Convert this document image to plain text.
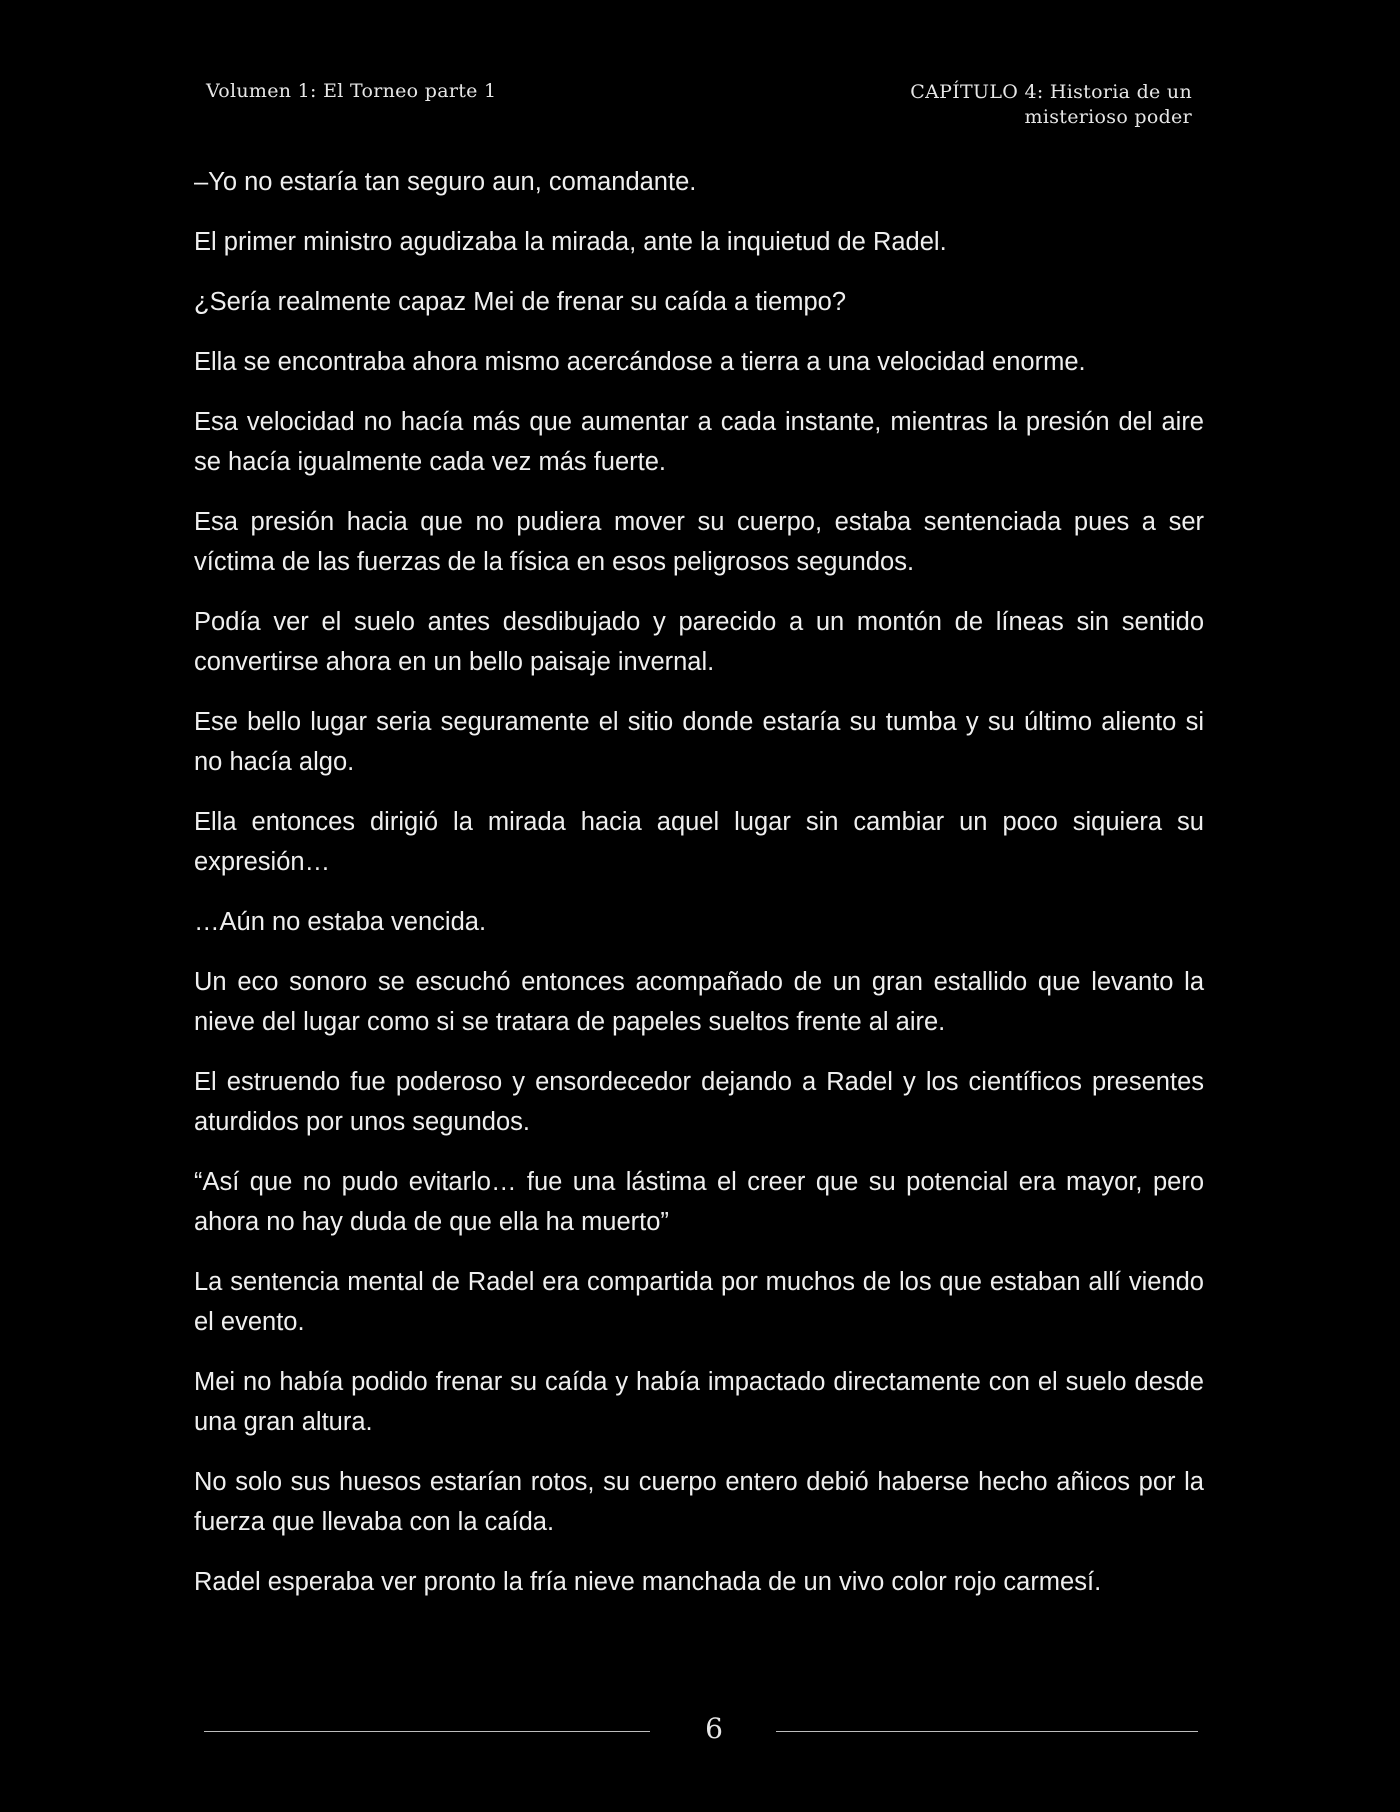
Volumen 1: El Torneo parte 1	CAPÍTULO 4: Historia de un
misterioso poder

–Yo no estaría tan seguro aun, comandante.

El primer ministro agudizaba la mirada, ante la inquietud de Radel.

¿Sería realmente capaz Mei de frenar su caída a tiempo?

Ella se encontraba ahora mismo acercándose a tierra a una velocidad enorme.

Esa velocidad no hacía más que aumentar a cada instante, mientras la presión del aire se hacía igualmente cada vez más fuerte.

Esa presión hacia que no pudiera mover su cuerpo, estaba sentenciada pues a ser víctima de las fuerzas de la física en esos peligrosos segundos.

Podía ver el suelo antes desdibujado y parecido a un montón de líneas sin sentido convertirse ahora en un bello paisaje invernal.

Ese bello lugar seria seguramente el sitio donde estaría su tumba y su último aliento si no hacía algo.

Ella entonces dirigió la mirada hacia aquel lugar sin cambiar un poco siquiera su expresión…

…Aún no estaba vencida.

Un eco sonoro se escuchó entonces acompañado de un gran estallido que levanto la nieve del lugar como si se tratara de papeles sueltos frente al aire.

El estruendo fue poderoso y ensordecedor dejando a Radel y los científicos presentes aturdidos por unos segundos.

“Así que no pudo evitarlo… fue una lástima el creer que su potencial era mayor, pero ahora no hay duda de que ella ha muerto”

La sentencia mental de Radel era compartida por muchos de los que estaban allí viendo el evento.

Mei no había podido frenar su caída y había impactado directamente con el suelo desde una gran altura.

No solo sus huesos estarían rotos, su cuerpo entero debió haberse hecho añicos por la fuerza que llevaba con la caída.

Radel esperaba ver pronto la fría nieve manchada de un vivo color rojo carmesí.

6
